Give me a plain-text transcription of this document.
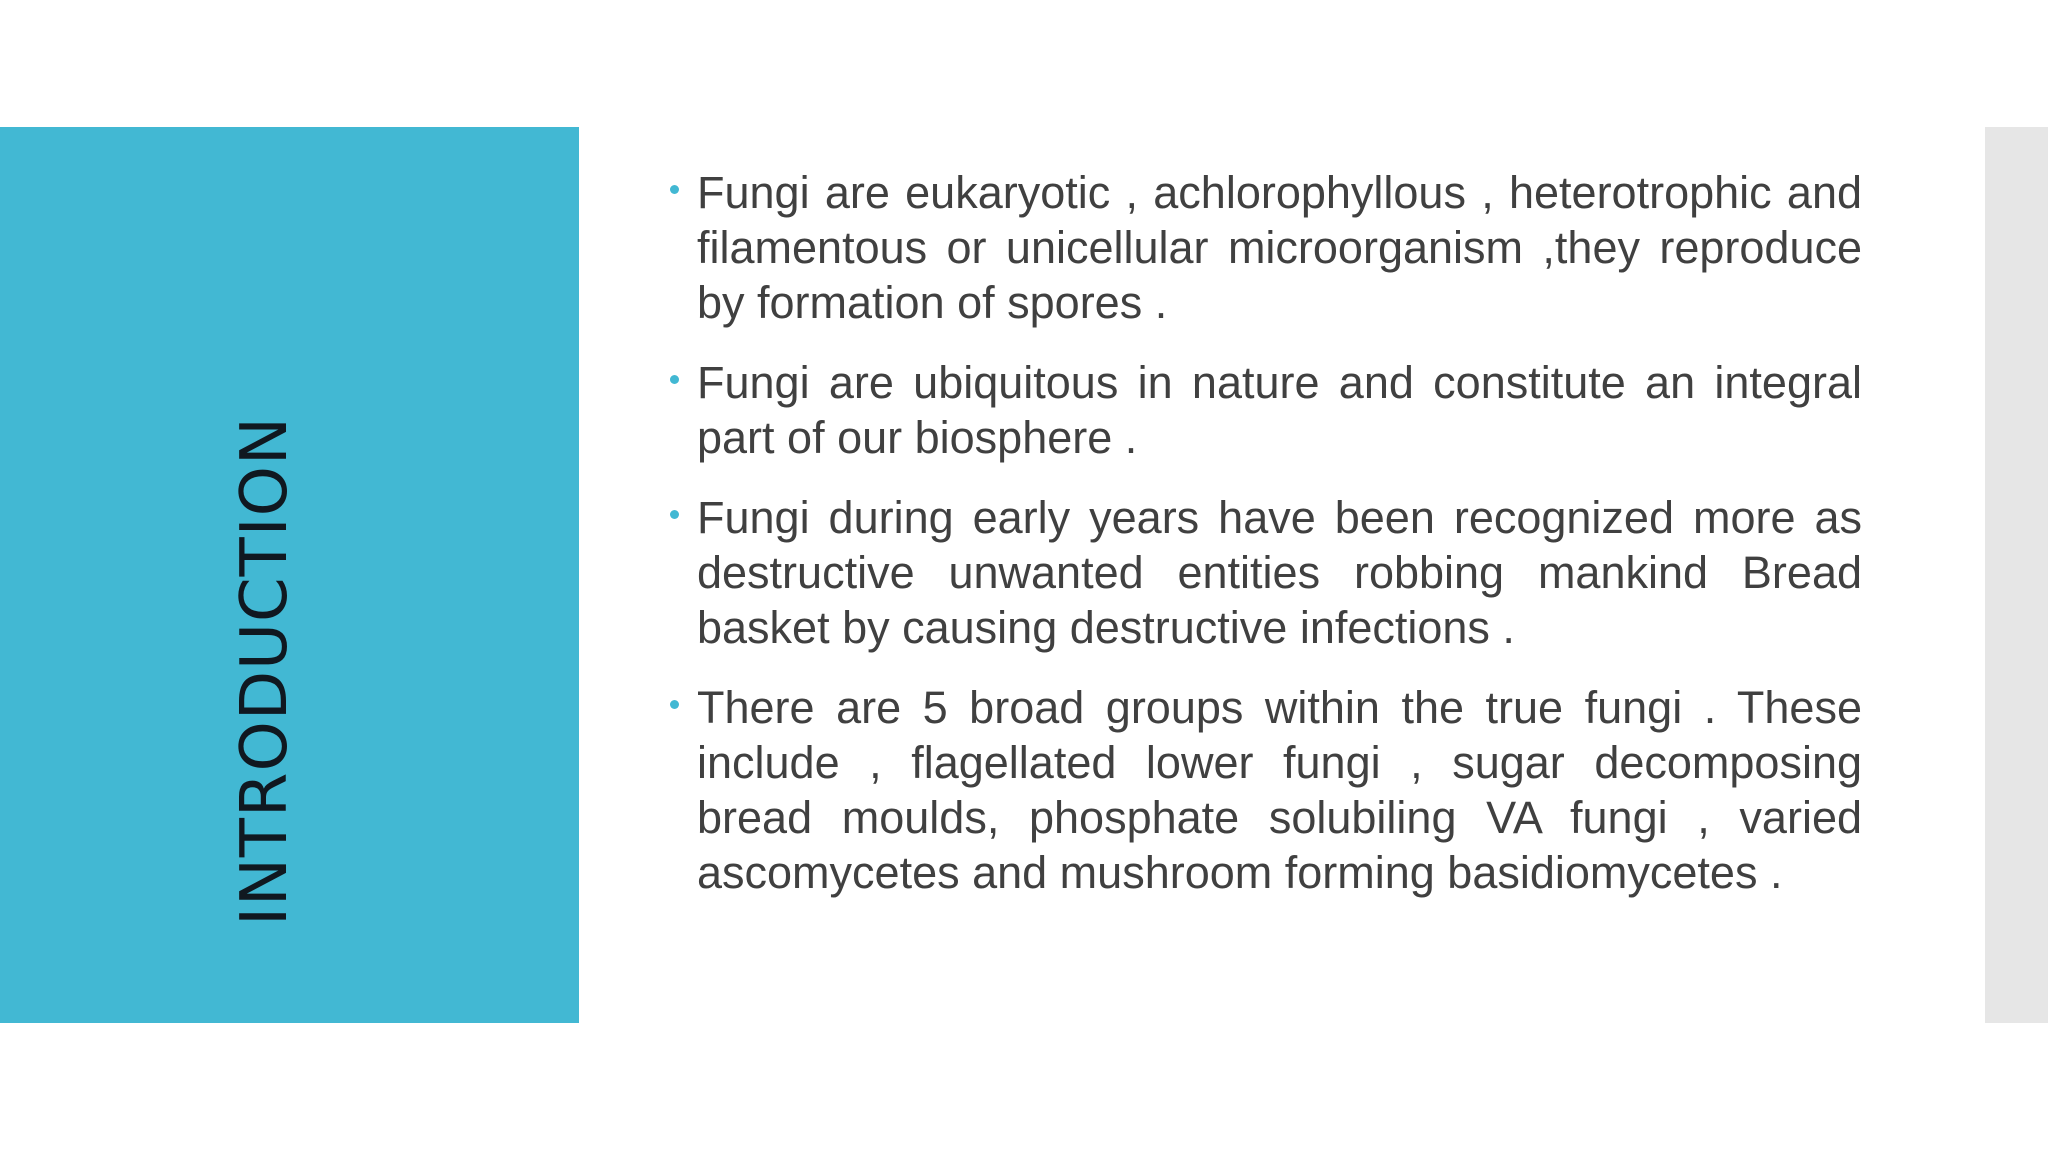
INTRODUCTION
Fungi are eukaryotic , achlorophyllous , heterotrophic and filamentous or unicellular microorganism ,they reproduce by formation of spores .
Fungi are ubiquitous in nature and constitute an integral part of our biosphere .
Fungi during early years have been recognized more as destructive unwanted entities robbing mankind Bread basket by causing destructive infections .
There are 5 broad groups within the true fungi . These include , flagellated lower fungi , sugar decomposing bread moulds, phosphate solubiling VA fungi , varied ascomycetes and mushroom forming basidiomycetes .
